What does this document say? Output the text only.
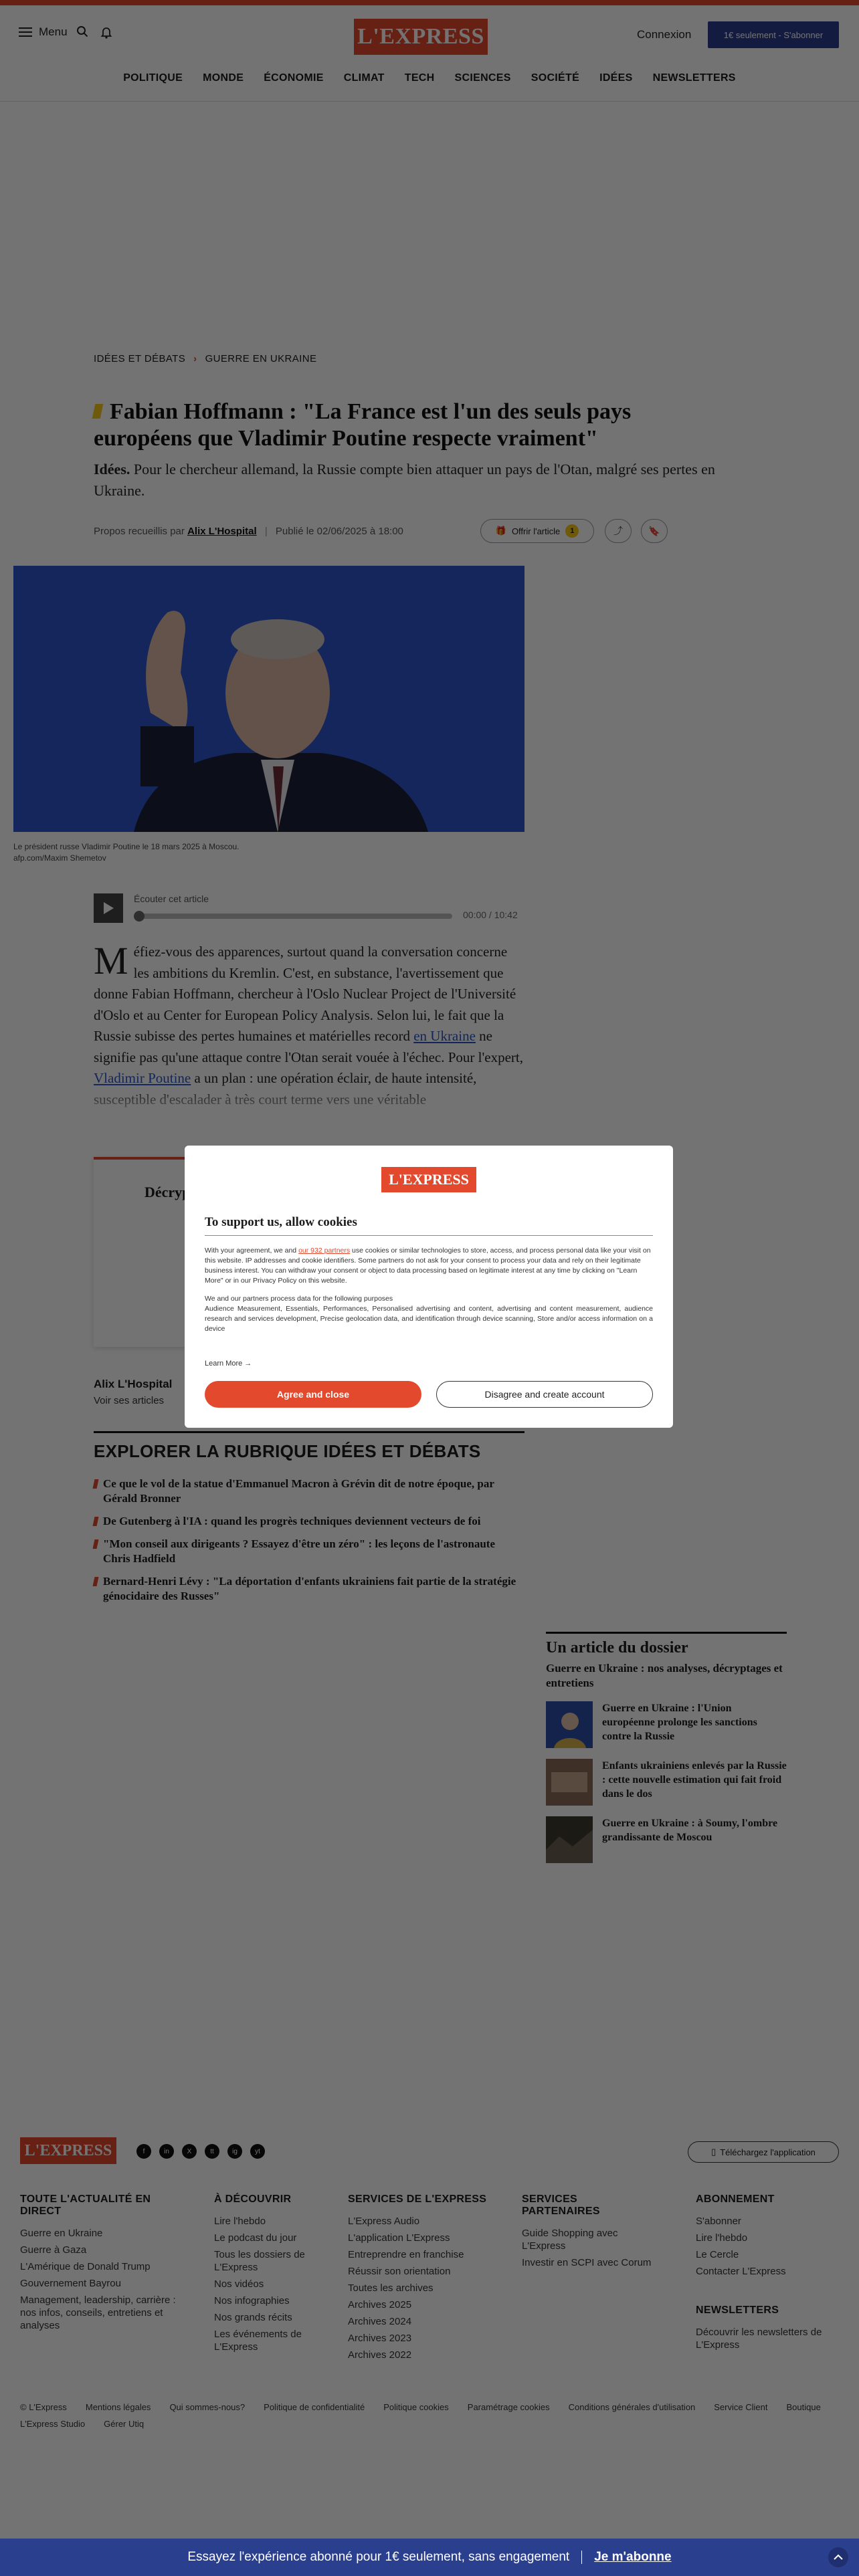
Essayez l'expérience abonné pour 1€ seulement, sans engagement Je m'abonne
L'EXPRESS
To support us, allow cookies

With your agreement, we and our 932 partners use cookies or similar technologies to store, access, and process personal data like your visit on this website. IP addresses and cookie identifiers. Some partners do not ask for your consent to process your data and rely on their legitimate business interest. You can withdraw your consent or object to data processing based on legitimate interest at any time by clicking on "Learn More" or in our Privacy Policy on this website.

We and our partners process data for the following purposes

Audience Measurement, Essentials, Performances, Personalised advertising and content, advertising and content measurement, audience research and services development, Precise geolocation data, and identification through device scanning, Store and/or access information on a device

Learn More →
Agree and close	Disagree and create account
